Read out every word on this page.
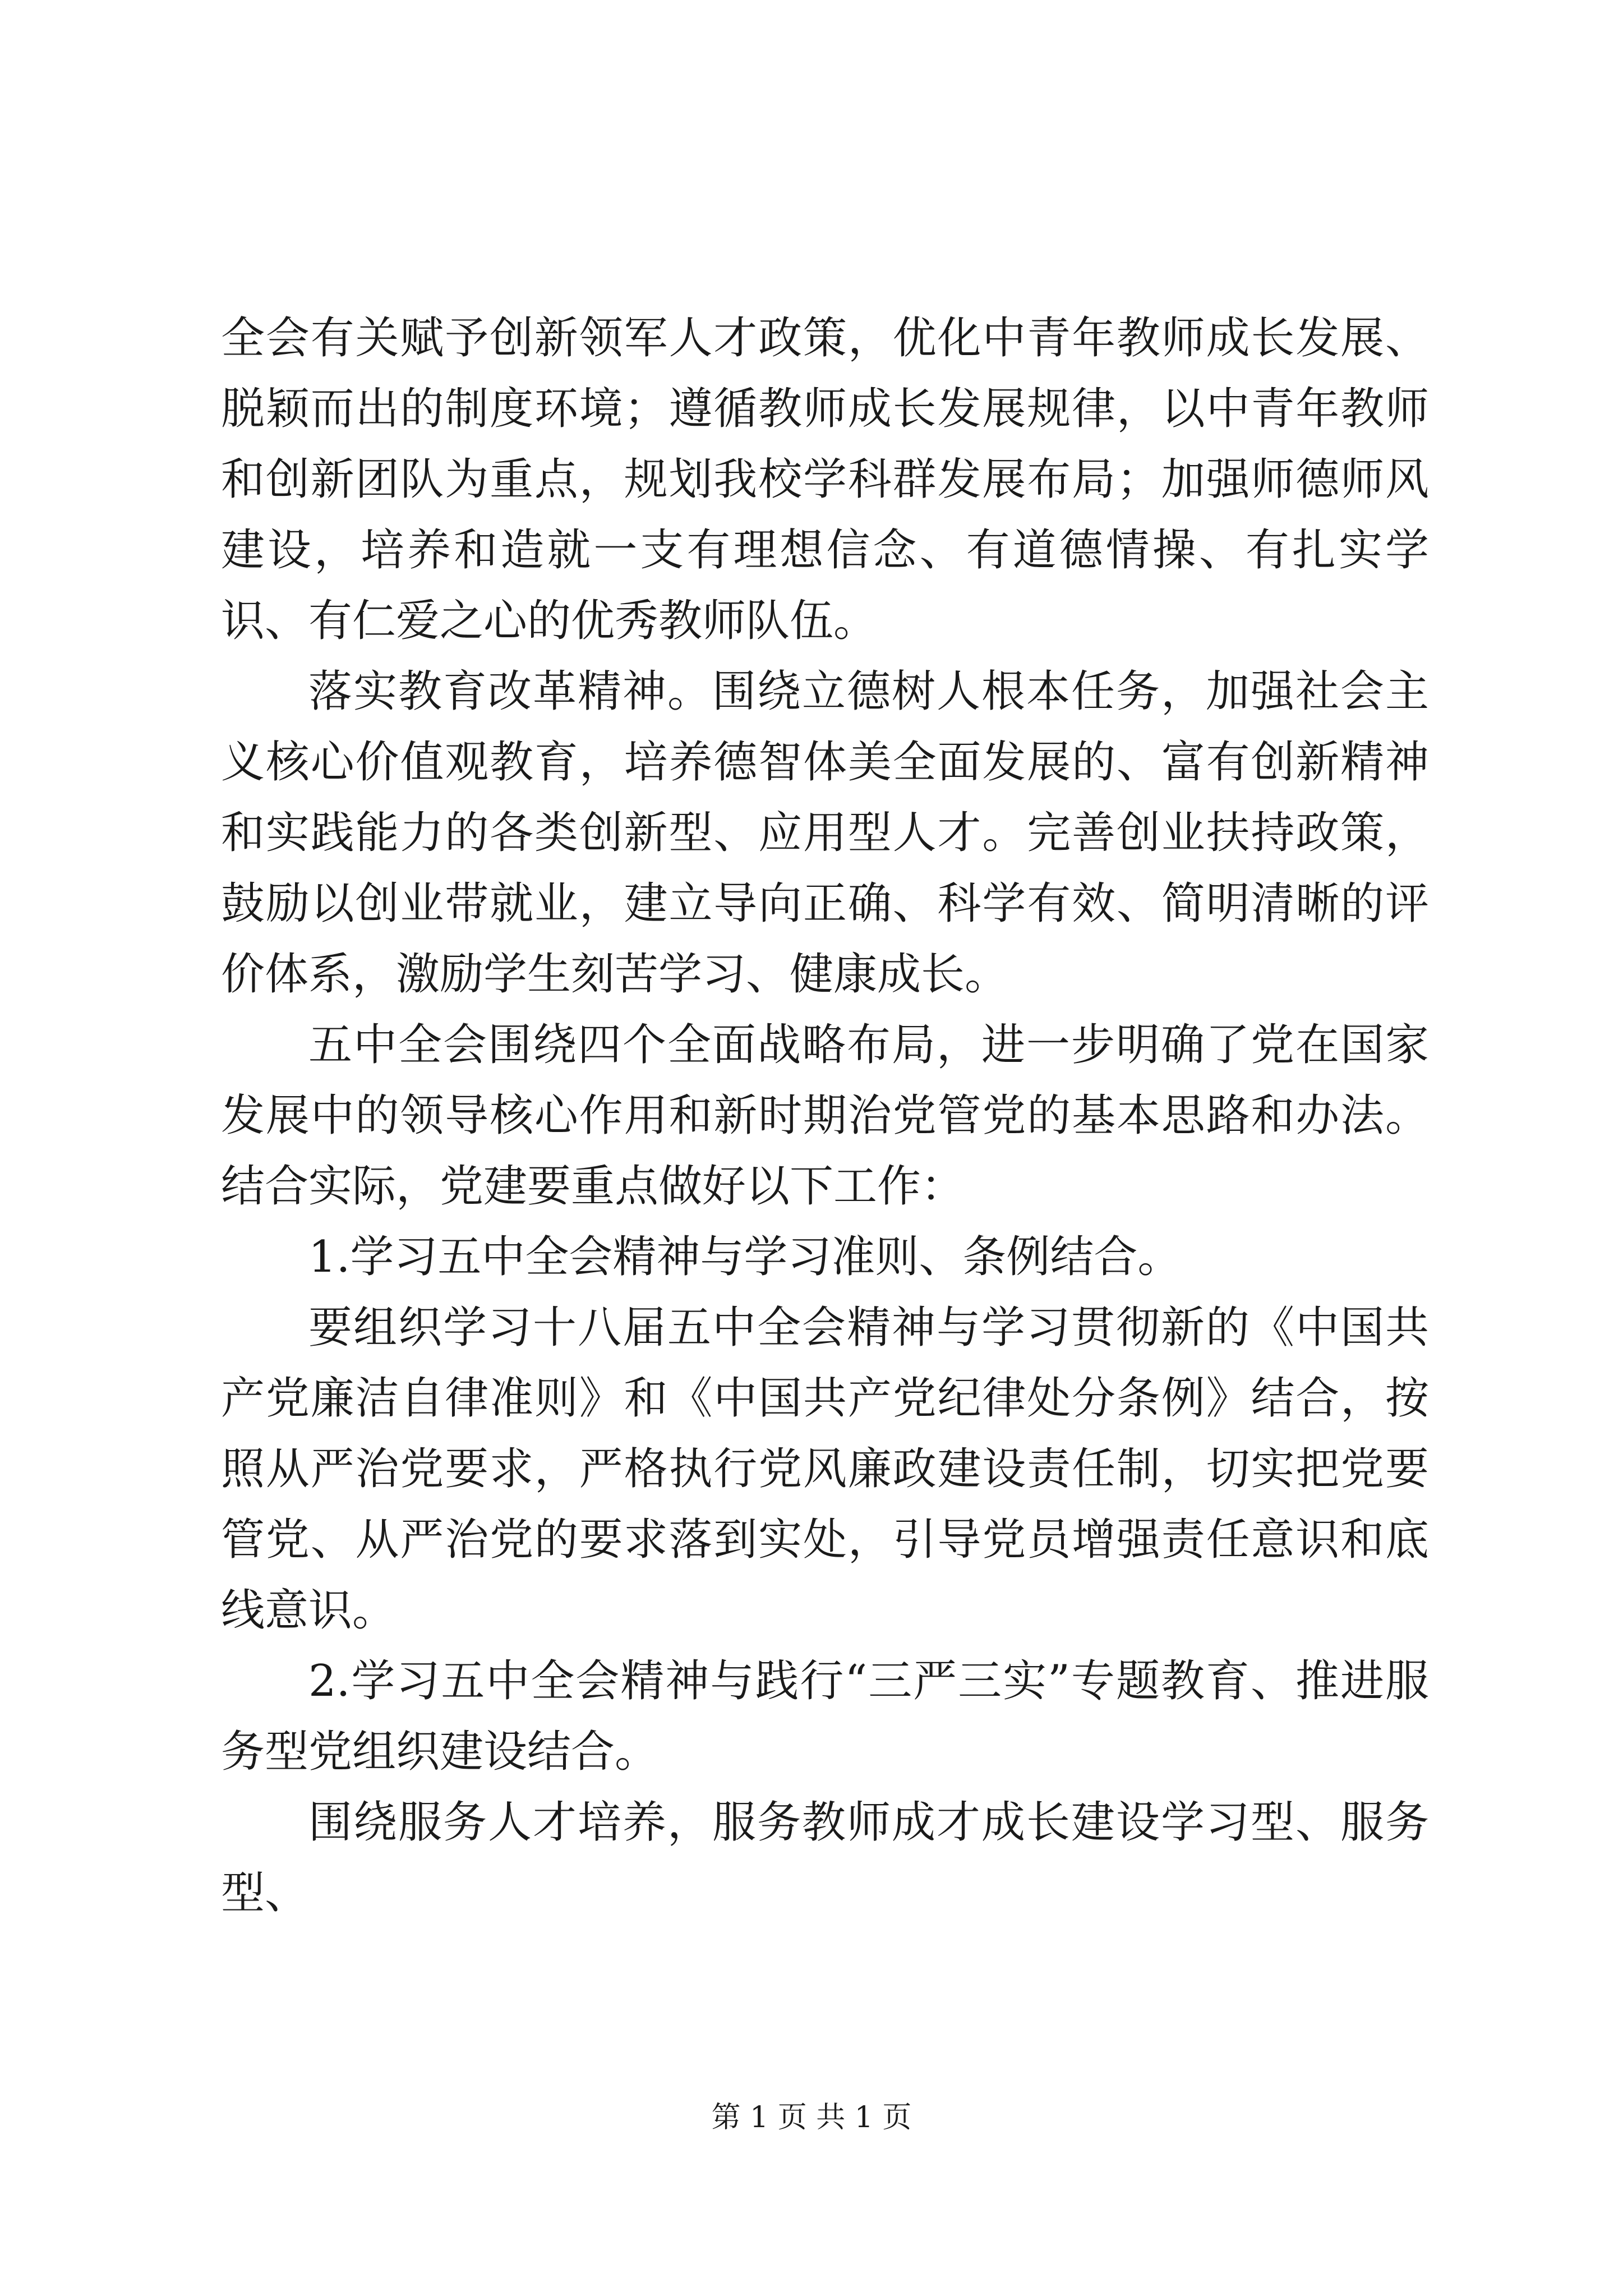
全会有关赋予创新领军人才政策，优化中青年教师成长发展、脱颖而出的制度环境；遵循教师成长发展规律，以中青年教师和创新团队为重点，规划我校学科群发展布局；加强师德师风建设，培养和造就一支有理想信念、有道德情操、有扎实学识、有仁爱之心的优秀教师队伍。

落实教育改革精神。围绕立德树人根本任务，加强社会主义核心价值观教育，培养德智体美全面发展的、富有创新精神和实践能力的各类创新型、应用型人才。完善创业扶持政策，鼓励以创业带就业，建立导向正确、科学有效、简明清晰的评价体系，激励学生刻苦学习、健康成长。

五中全会围绕四个全面战略布局，进一步明确了党在国家发展中的领导核心作用和新时期治党管党的基本思路和办法。结合实际，党建要重点做好以下工作：

1.学习五中全会精神与学习准则、条例结合。

要组织学习十八届五中全会精神与学习贯彻新的《中国共产党廉洁自律准则》和《中国共产党纪律处分条例》结合，按照从严治党要求，严格执行党风廉政建设责任制，切实把党要管党、从严治党的要求落到实处，引导党员增强责任意识和底线意识。

2.学习五中全会精神与践行“三严三实”专题教育、推进服务型党组织建设结合。

围绕服务人才培养，服务教师成才成长建设学习型、服务型、

第 1 页 共 1 页
